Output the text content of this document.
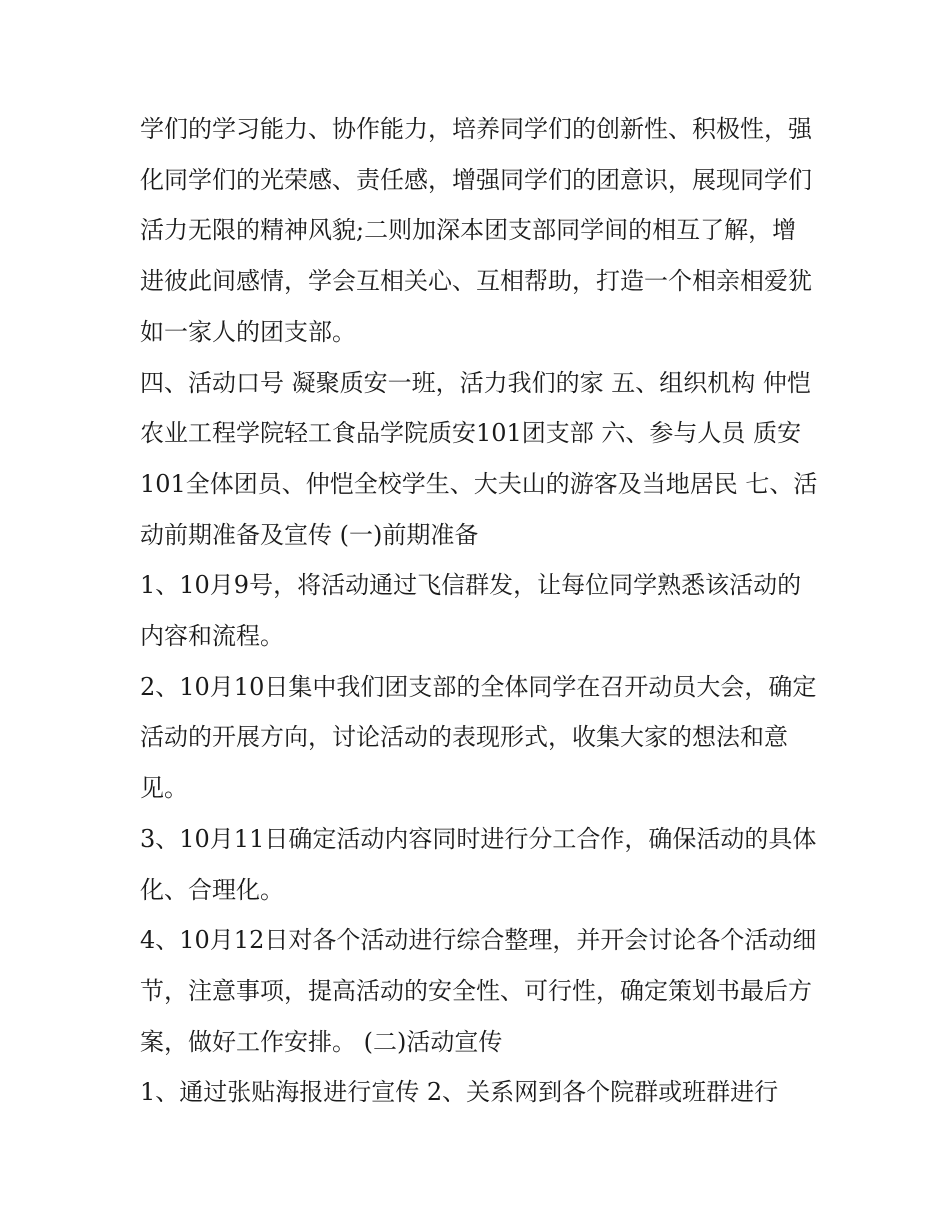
学们的学习能力、协作能力，培养同学们的创新性、积极性，强化同学们的光荣感、责任感，增强同学们的团意识，展现同学们活力无限的精神风貌;二则加深本团支部同学间的相互了解，增进彼此间感情，学会互相关心、互相帮助，打造一个相亲相爱犹如一家人的团支部。

四、活动口号 凝聚质安一班，活力我们的家 五、组织机构 仲恺农业工程学院轻工食品学院质安101团支部 六、参与人员 质安101全体团员、仲恺全校学生、大夫山的游客及当地居民 七、活动前期准备及宣传 (一)前期准备

1、10月9号，将活动通过飞信群发，让每位同学熟悉该活动的内容和流程。

2、10月10日集中我们团支部的全体同学在召开动员大会，确定活动的开展方向，讨论活动的表现形式，收集大家的想法和意见。

3、10月11日确定活动内容同时进行分工合作，确保活动的具体化、合理化。

4、10月12日对各个活动进行综合整理，并开会讨论各个活动细节，注意事项，提高活动的安全性、可行性，确定策划书最后方案，做好工作安排。 (二)活动宣传

1、通过张贴海报进行宣传 2、关系网到各个院群或班群进行
